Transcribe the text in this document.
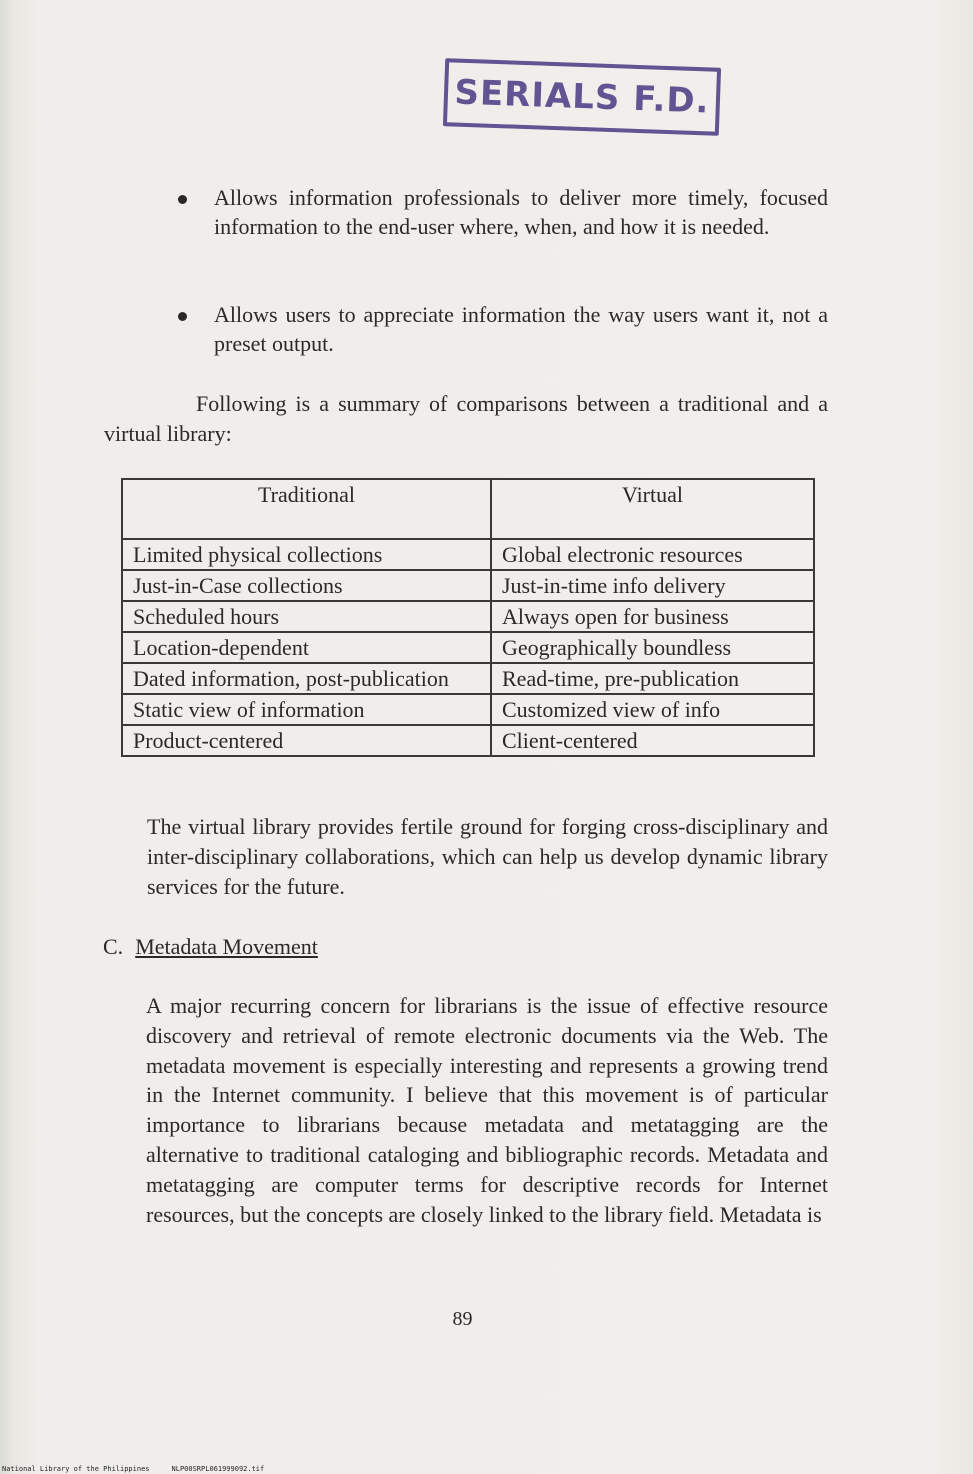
SERIALS F.D.
Allows information professionals to deliver more timely, focused information to the end-user where, when, and how it is needed.
Allows users to appreciate information the way users want it, not a preset output.

Following is a summary of comparisons between a traditional and a virtual library:

Traditional	Virtual
Limited physical collections	Global electronic resources
Just-in-Case collections	Just-in-time info delivery
Scheduled hours	Always open for business
Location-dependent	Geographically boundless
Dated information, post-publication	Read-time, pre-publication
Static view of information	Customized view of info
Product-centered	Client-centered

The virtual library provides fertile ground for forging cross-disciplinary and inter-disciplinary collaborations, which can help us develop dynamic library services for the future.

C. Metadata Movement

A major recurring concern for librarians is the issue of effective resource discovery and retrieval of remote electronic documents via the Web. The metadata movement is especially interesting and represents a growing trend in the Internet community. I believe that this movement is of particular importance to librarians because metadata and metatagging are the alternative to traditional cataloging and bibliographic records. Metadata and metatagging are computer terms for descriptive records for Internet resources, but the concepts are closely linked to the library field. Metadata is

89
National Library of the Philippines	NLP00SRPL061999092.tif
